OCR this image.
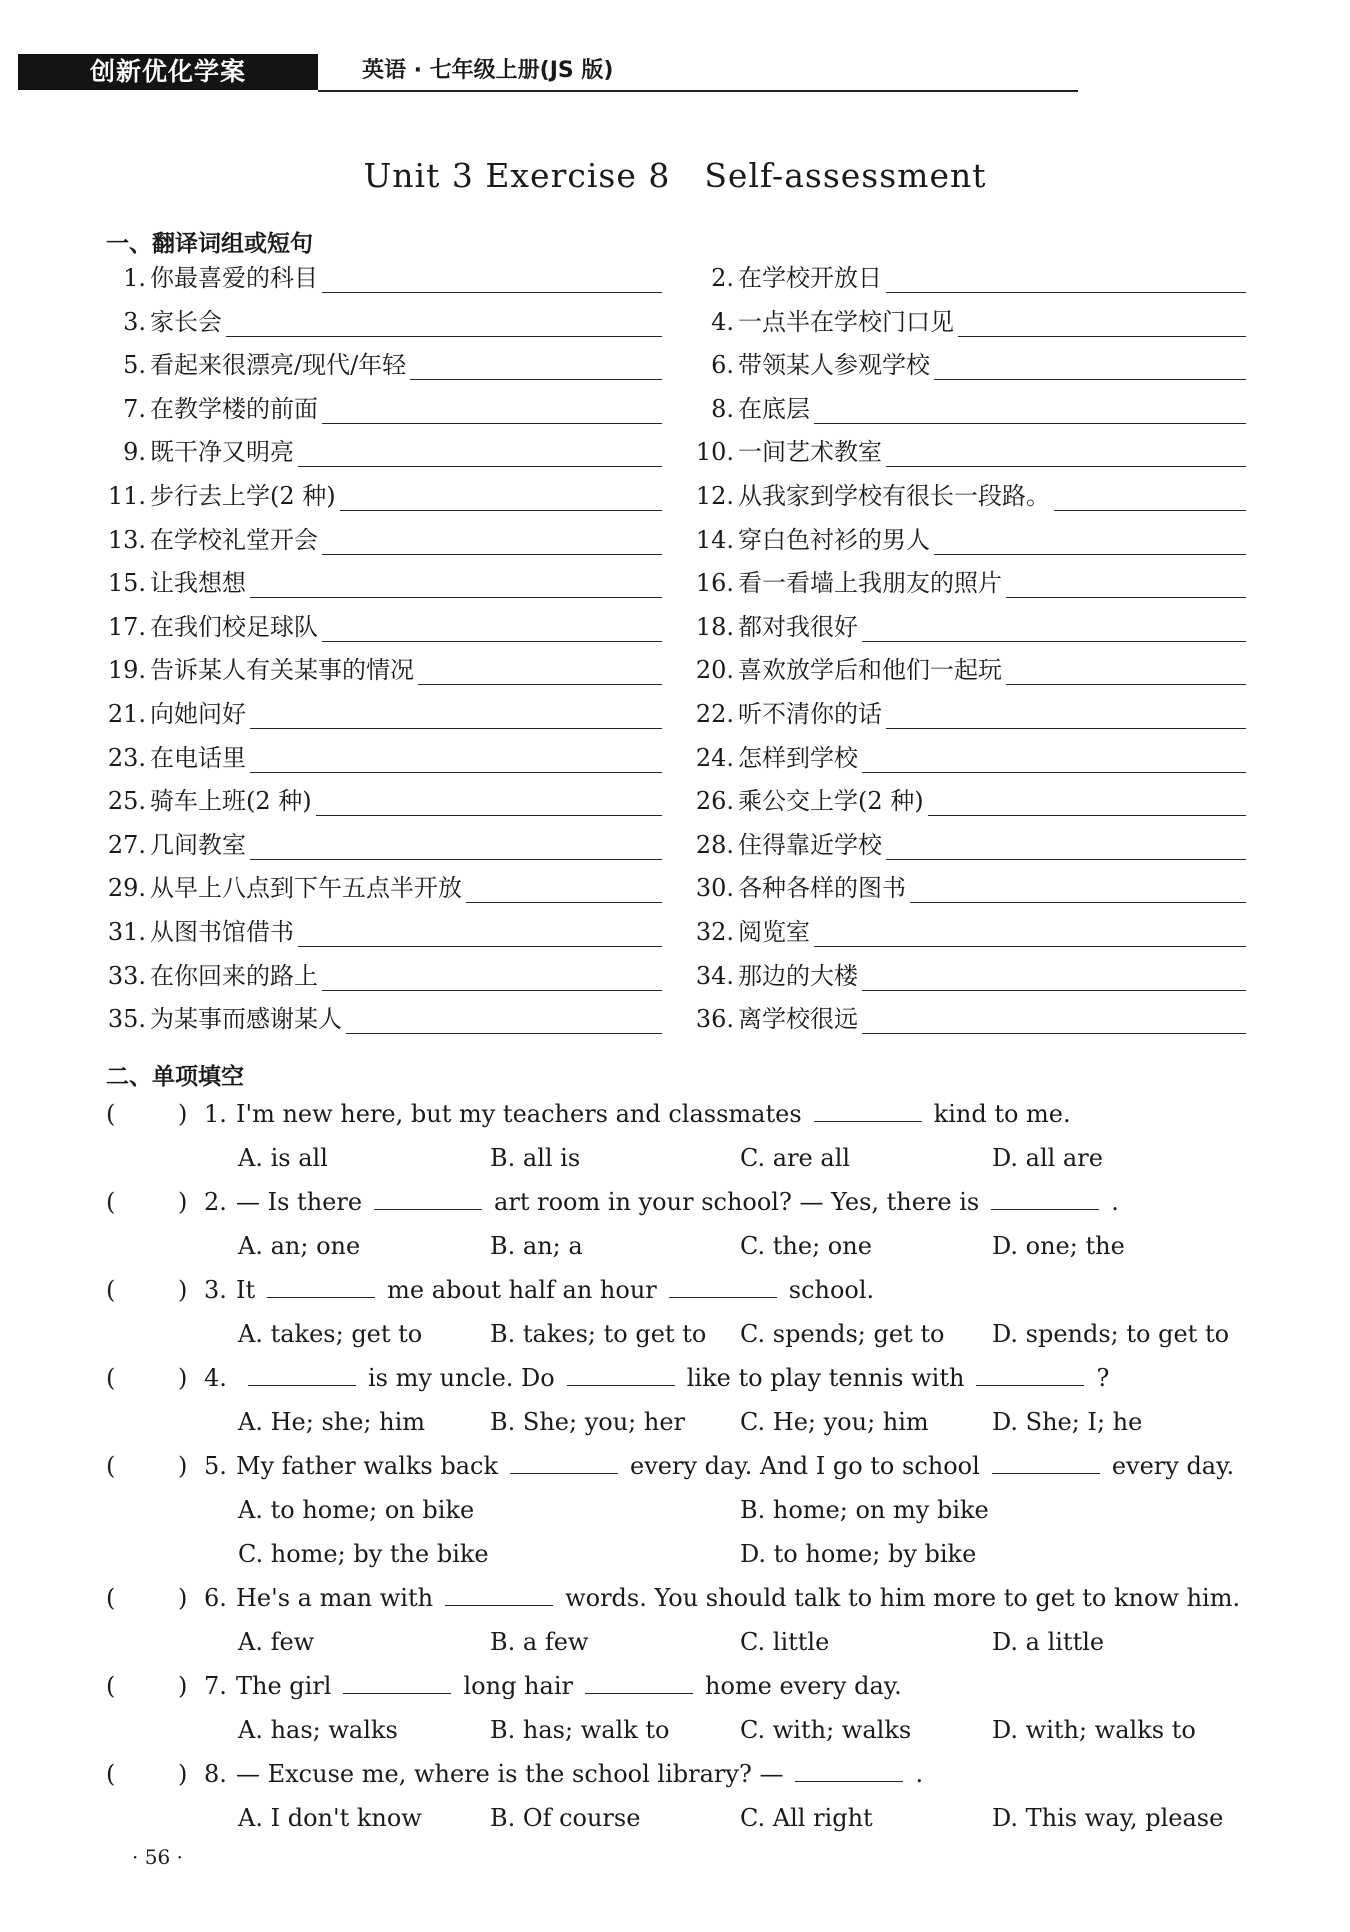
创新优化学案	英语 · 七年级上册(JS 版)
Unit 3 Exercise 8　Self-assessment
一、翻译词组或短句
1. 你最喜爱的科目	2. 在学校开放日
3. 家长会	4. 一点半在学校门口见
5. 看起来很漂亮/现代/年轻	6. 带领某人参观学校
7. 在教学楼的前面	8. 在底层
9. 既干净又明亮	10. 一间艺术教室
11. 步行去上学(2 种)	12. 从我家到学校有很长一段路。
13. 在学校礼堂开会	14. 穿白色衬衫的男人
15. 让我想想	16. 看一看墙上我朋友的照片
17. 在我们校足球队	18. 都对我很好
19. 告诉某人有关某事的情况	20. 喜欢放学后和他们一起玩
21. 向她问好	22. 听不清你的话
23. 在电话里	24. 怎样到学校
25. 骑车上班(2 种)	26. 乘公交上学(2 种)
27. 几间教室	28. 住得靠近学校
29. 从早上八点到下午五点半开放	30. 各种各样的图书
31. 从图书馆借书	32. 阅览室
33. 在你回来的路上	34. 那边的大楼
35. 为某事而感谢某人	36. 离学校很远
二、单项填空
(	) 1. I'm new here, but my teachers and classmates	kind to me.
A. is all	B. all is	C. are all	D. all are
(	) 2. — Is there	art room in your school? — Yes, there is	.
A. an; one	B. an; a	C. the; one	D. one; the
(	) 3. It	me about half an hour	school.
A. takes; get to	B. takes; to get to C. spends; get to D. spends; to get to
(	) 4.	is my uncle. Do	like to play tennis with	?
A. He; she; him	B. She; you; her C. He; you; him	D. She; I; he
(	) 5. My father walks back	every day. And I go to school	every day.
A. to home; on bike	B. home; on my bike
C. home; by the bike	D. to home; by bike
(	) 6. He's a man with	words. You should talk to him more to get to know him.
A. few	B. a few	C. little	D. a little
(	) 7. The girl	long hair	home every day.
A. has; walks	B. has; walk to	C. with; walks	D. with; walks to
(	) 8. — Excuse me, where is the school library? —	.
A. I don't know	B. Of course	C. All right	D. This way, please
· 56 ·
